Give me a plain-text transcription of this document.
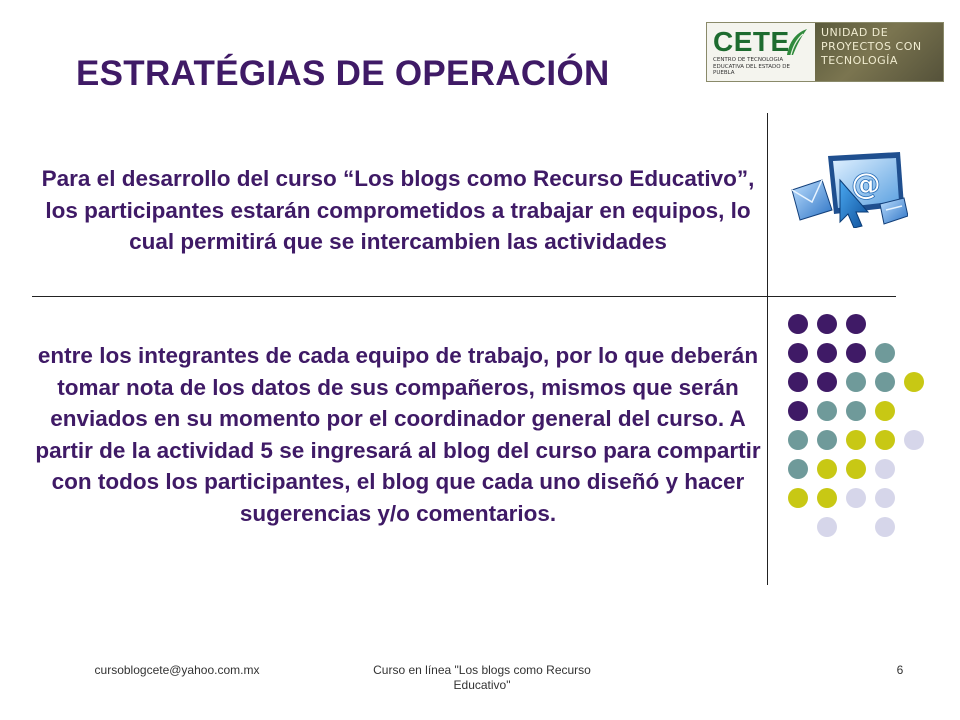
CETE
CENTRO DE TECNOLOGIA EDUCATIVA DEL ESTADO DE PUEBLA
UNIDAD DE
PROYECTOS CON
TECNOLOGÍA
ESTRATÉGIAS DE OPERACIÓN

Para el desarrollo del curso “Los blogs como Recurso Educativo”, los participantes estarán comprometidos a trabajar en equipos, lo cual permitirá que se intercambien las actividades

entre los integrantes de cada equipo de trabajo, por lo que deberán tomar nota de los datos de sus compañeros, mismos que serán enviados en su momento por el coordinador general del curso. A partir de la actividad 5 se ingresará al blog del curso para compartir con todos los participantes, el blog que cada uno diseñó y hacer sugerencias y/o comentarios.

@

cursoblogcete@yahoo.com.mx	Curso en línea "Los blogs como Recurso Educativo"

6
